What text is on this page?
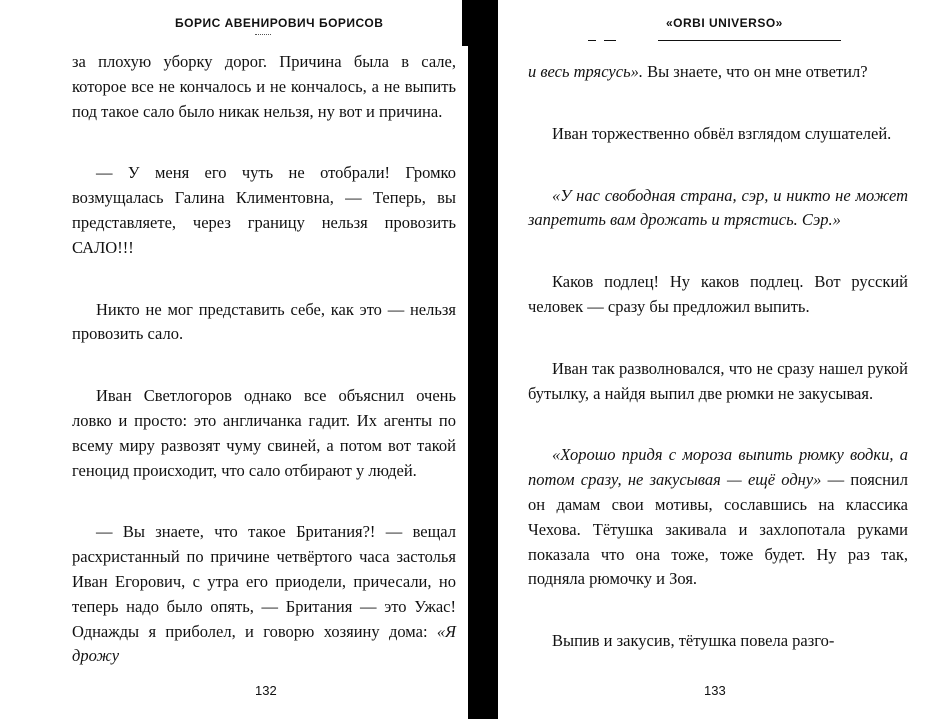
БОРИС АВЕНИРОВИЧ БОРИСОВ

за плохую уборку дорог. Причина была в сале, которое все не кончалось и не кончалось, а не выпить под такое сало было никак нельзя, ну вот и причина.

— У меня его чуть не отобрали! Громко возмущалась Галина Климентовна, — Теперь, вы представляете, через границу нельзя провозить САЛО!!!

Никто не мог представить себе, как это — нельзя провозить сало.

Иван Светлогоров однако все объяснил очень ловко и просто: это англичанка гадит. Их агенты по всему миру развозят чуму свиней, а потом вот такой геноцид происходит, что сало отбирают у людей.

— Вы знаете, что такое Британия?! — вещал расхристанный по причине четвёртого часа застолья Иван Егорович, с утра его приодели, причесали, но теперь надо было опять, — Британия — это Ужас! Однажды я приболел, и говорю хозяину дома: «Я дрожу

132
«ORBI UNIVERSO»

и весь трясусь». Вы знаете, что он мне ответил?

Иван торжественно обвёл взглядом слушателей.

«У нас свободная страна, сэр, и никто не может запретить вам дрожать и трястись. Сэр.»

Каков подлец! Ну каков подлец. Вот русский человек — сразу бы предложил выпить.

Иван так разволновался, что не сразу нашел рукой бутылку, а найдя выпил две рюмки не закусывая.

«Хорошо придя с мороза выпить рюмку водки, а потом сразу, не закусывая — ещё одну» — пояснил он дамам свои мотивы, сославшись на классика Чехова. Тётушка закивала и захлопотала руками показала что она тоже, тоже будет. Ну раз так, подняла рюмочку и Зоя.

Выпив и закусив, тётушка повела разго-

133
